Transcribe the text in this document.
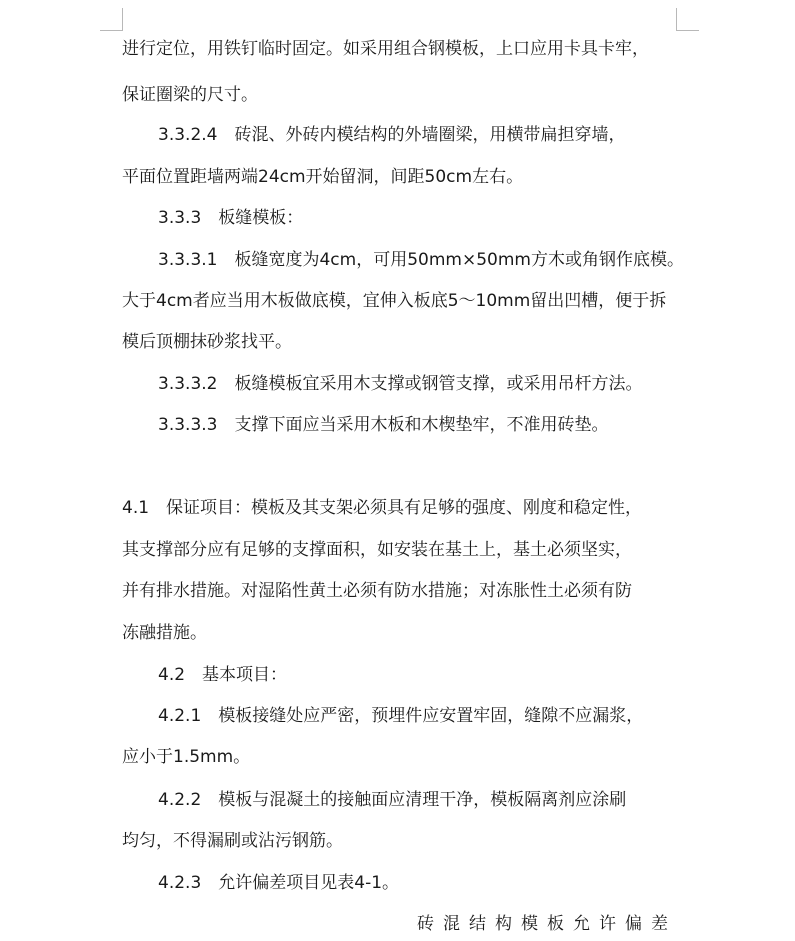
进行定位，用铁钉临时固定。如采用组合钢模板，上口应用卡具卡牢，
保证圈梁的尺寸。
3.3.2.4　砖混、外砖内模结构的外墙圈梁，用横带扁担穿墙，
平面位置距墙两端24cm开始留洞，间距50cm左右。
3.3.3　板缝模板：
3.3.3.1　板缝宽度为4cm，可用50mm×50mm方木或角钢作底模。
大于4cm者应当用木板做底模，宜伸入板底5～10mm留出凹槽，便于拆
模后顶棚抹砂浆找平。
3.3.3.2　板缝模板宜采用木支撑或钢管支撑，或采用吊杆方法。
3.3.3.3　支撑下面应当采用木板和木楔垫牢，不准用砖垫。
4.1　保证项目：模板及其支架必须具有足够的强度、刚度和稳定性，
其支撑部分应有足够的支撑面积，如安装在基土上，基土必须坚实，
并有排水措施。对湿陷性黄土必须有防水措施；对冻胀性土必须有防
冻融措施。
4.2　基本项目：
4.2.1　模板接缝处应严密，预埋件应安置牢固，缝隙不应漏浆，
应小于1.5mm。
4.2.2　模板与混凝土的接触面应清理干净，模板隔离剂应涂刷
均匀，不得漏刷或沾污钢筋。
4.2.3　允许偏差项目见表4-1。
砖混结构模板允许偏差
